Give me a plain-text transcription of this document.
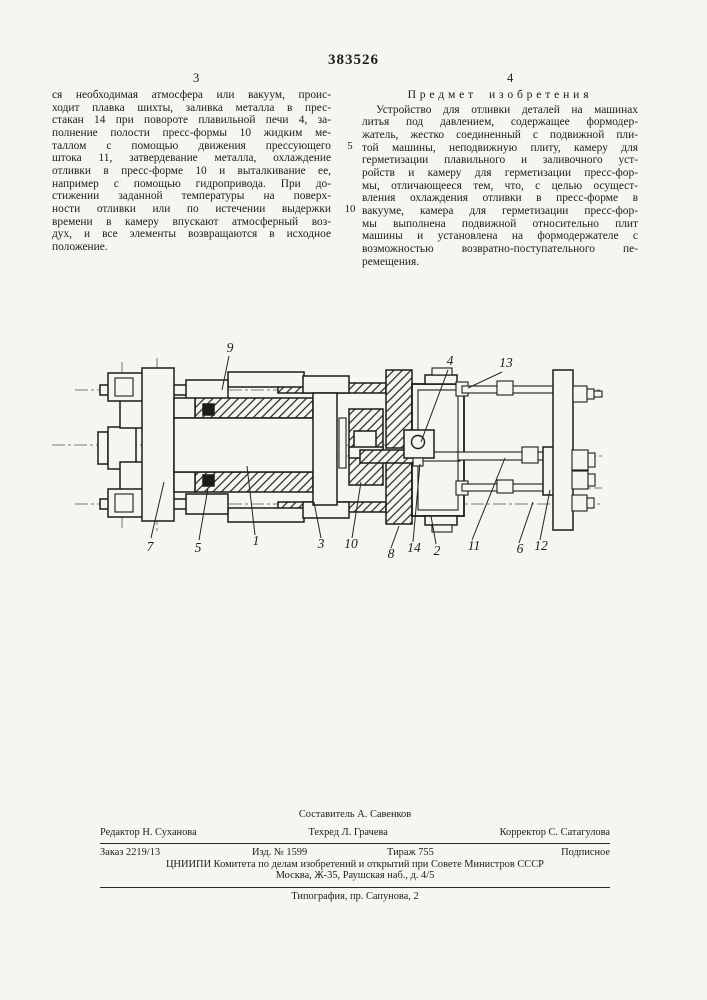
383526
3	4
ся необходимая атмосфера или вакуум, проис-
ходит плавка шихты, заливка металла в прес-
стакан 14 при повороте плавильной печи 4, за-
полнение полости пресс-формы 10 жидким ме-
таллом с помощью движения прессующего
штока 11, затвердевание металла, охлаждение
отливки в пресс-форме 10 и выталкивание ее,
например с помощью гидропривода. При до-
стижении заданной температуры на поверх-
ности отливки или по истечении выдержки
времени в камеру впускают атмосферный воз-
дух, и все элементы возвращаются в исходное
положение.
5
10
Предмет изобретения
Устройство для отливки деталей на машинах
литья под давлением, содержащее формодер-
жатель, жестко соединенный с подвижной пли-
той машины, неподвижную плиту, камеру для
герметизации плавильного и заливочного уст-
ройств и камеру для герметизации пресс-фор-
мы, отличающееся тем, что, с целью осущест-
вления охлаждения отливки в пресс-форме в
вакууме, камера для герметизации пресс-фор-
мы выполнена подвижной относительно плит
машины и установлена на формодержателе с
возможностью возвратно-поступательного пе-
ремещения.
9
4	13
7	5	1	3 10
8 14 2 11	6 12
Составитель А. Савенков
Редактор Н. Суханова	Техред Л. Грачева	Корректор С. Сатагулова
Заказ 2219/13	Изд. № 1599	Тираж 755	Подписное
ЦНИИПИ Комитета по делам изобретений и открытий при Совете Министров СССР
Москва, Ж-35, Раушская наб., д. 4/5
Типография, пр. Сапунова, 2
